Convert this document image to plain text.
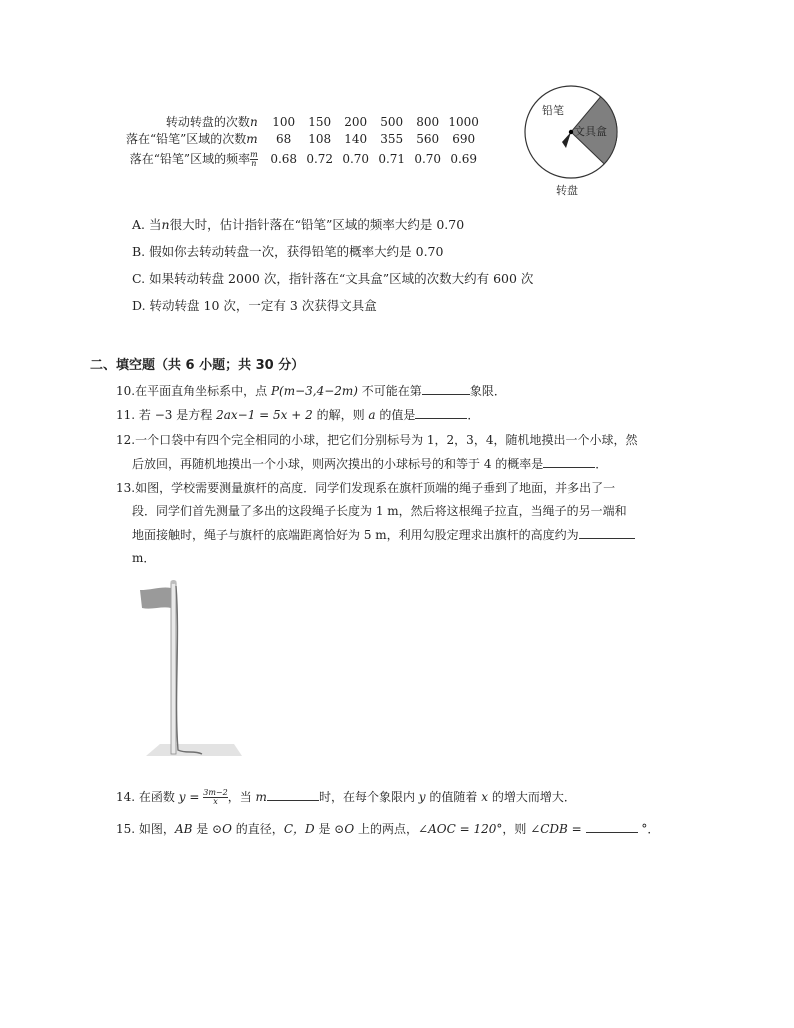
转动转盘的次数n	100	150	200	500	800	1000
落在“铅笔”区域的次数m	68	108	140	355	560	690
落在“铅笔”区域的频率 $\frac{m}{n}$	0.68	0.72	0.70	0.71	0.70	0.69
铅笔
文具盒
转盘
A. 当n很大时，估计指针落在“铅笔”区域的频率大约是 0.70
B. 假如你去转动转盘一次，获得铅笔的概率大约是 0.70
C. 如果转动转盘 2000 次，指针落在“文具盒”区域的次数大约有 600 次
D. 转动转盘 10 次，一定有 3 次获得文具盒
二、填空题（共 6 小题；共 30 分）
10.在平面直角坐标系中，点 P(m−3,4−2m) 不可能在第	象限．
11. 若 −3 是方程 2ax−1 = 5x + 2 的解，则 a 的值是	．
12.一个口袋中有四个完全相同的小球，把它们分别标号为 1，2，3，4，随机地摸出一个小球，然
后放回，再随机地摸出一个小球，则两次摸出的小球标号的和等于 4 的概率是	．
13.如图，学校需要测量旗杆的高度．同学们发现系在旗杆顶端的绳子垂到了地面，并多出了一
段．同学们首先测量了多出的这段绳子长度为 1 m，然后将这根绳子拉直，当绳子的另一端和
地面接触时，绳子与旗杆的底端距离恰好为 5 m，利用勾股定理求出旗杆的高度约为
m．
14. 在函数 $y = \frac{3m-2}{x}$ ，当 m	时，在每个象限内 y 的值随着 x 的增大而增大．
15. 如图，AB 是 ⊙O 的直径，C，D 是 ⊙O 上的两点，∠AOC = 120°，则 ∠CDB =	°．
